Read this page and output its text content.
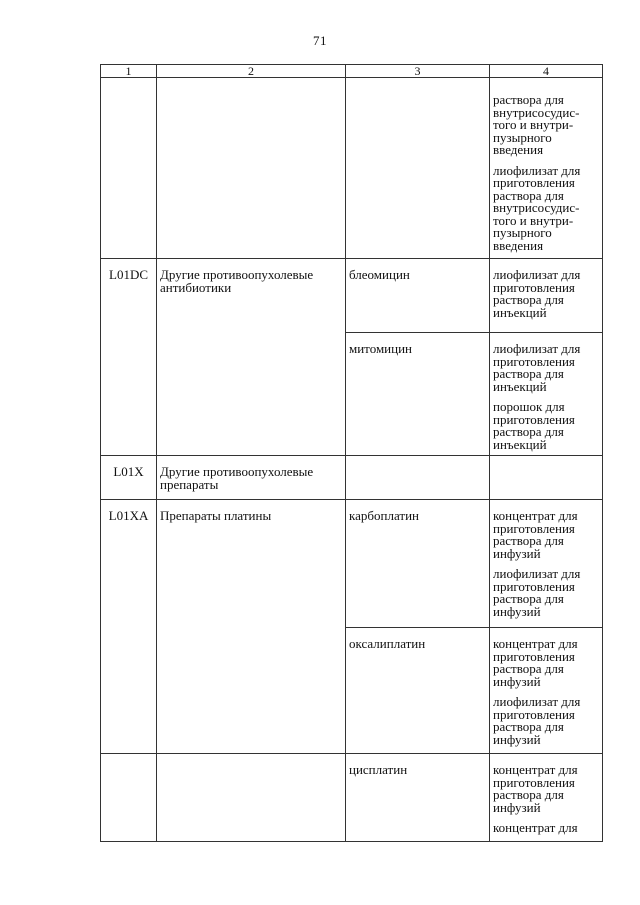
71
1	2	3	4

			раствора для внутрисосудис-того и внутри-пузырного введения
лиофилизат для приготовления раствора для внутрисосудис-того и внутри-пузырного введения

L01DC	Другие противоопухолевые антибиотики	блеомицин	лиофилизат для приготовления раствора для инъекций

		митомицин	лиофилизат для приготовления раствора для инъекций
порошок для приготовления раствора для инъекций

L01X	Другие противоопухолевые препараты		
L01XA	Препараты платины	карбоплатин	концентрат для приготовления раствора для инфузий
лиофилизат для приготовления раствора для инфузий

		оксалиплатин	концентрат для приготовления раствора для инфузий
лиофилизат для приготовления раствора для инфузий

		цисплатин	концентрат для приготовления раствора для инфузий
концентрат для
